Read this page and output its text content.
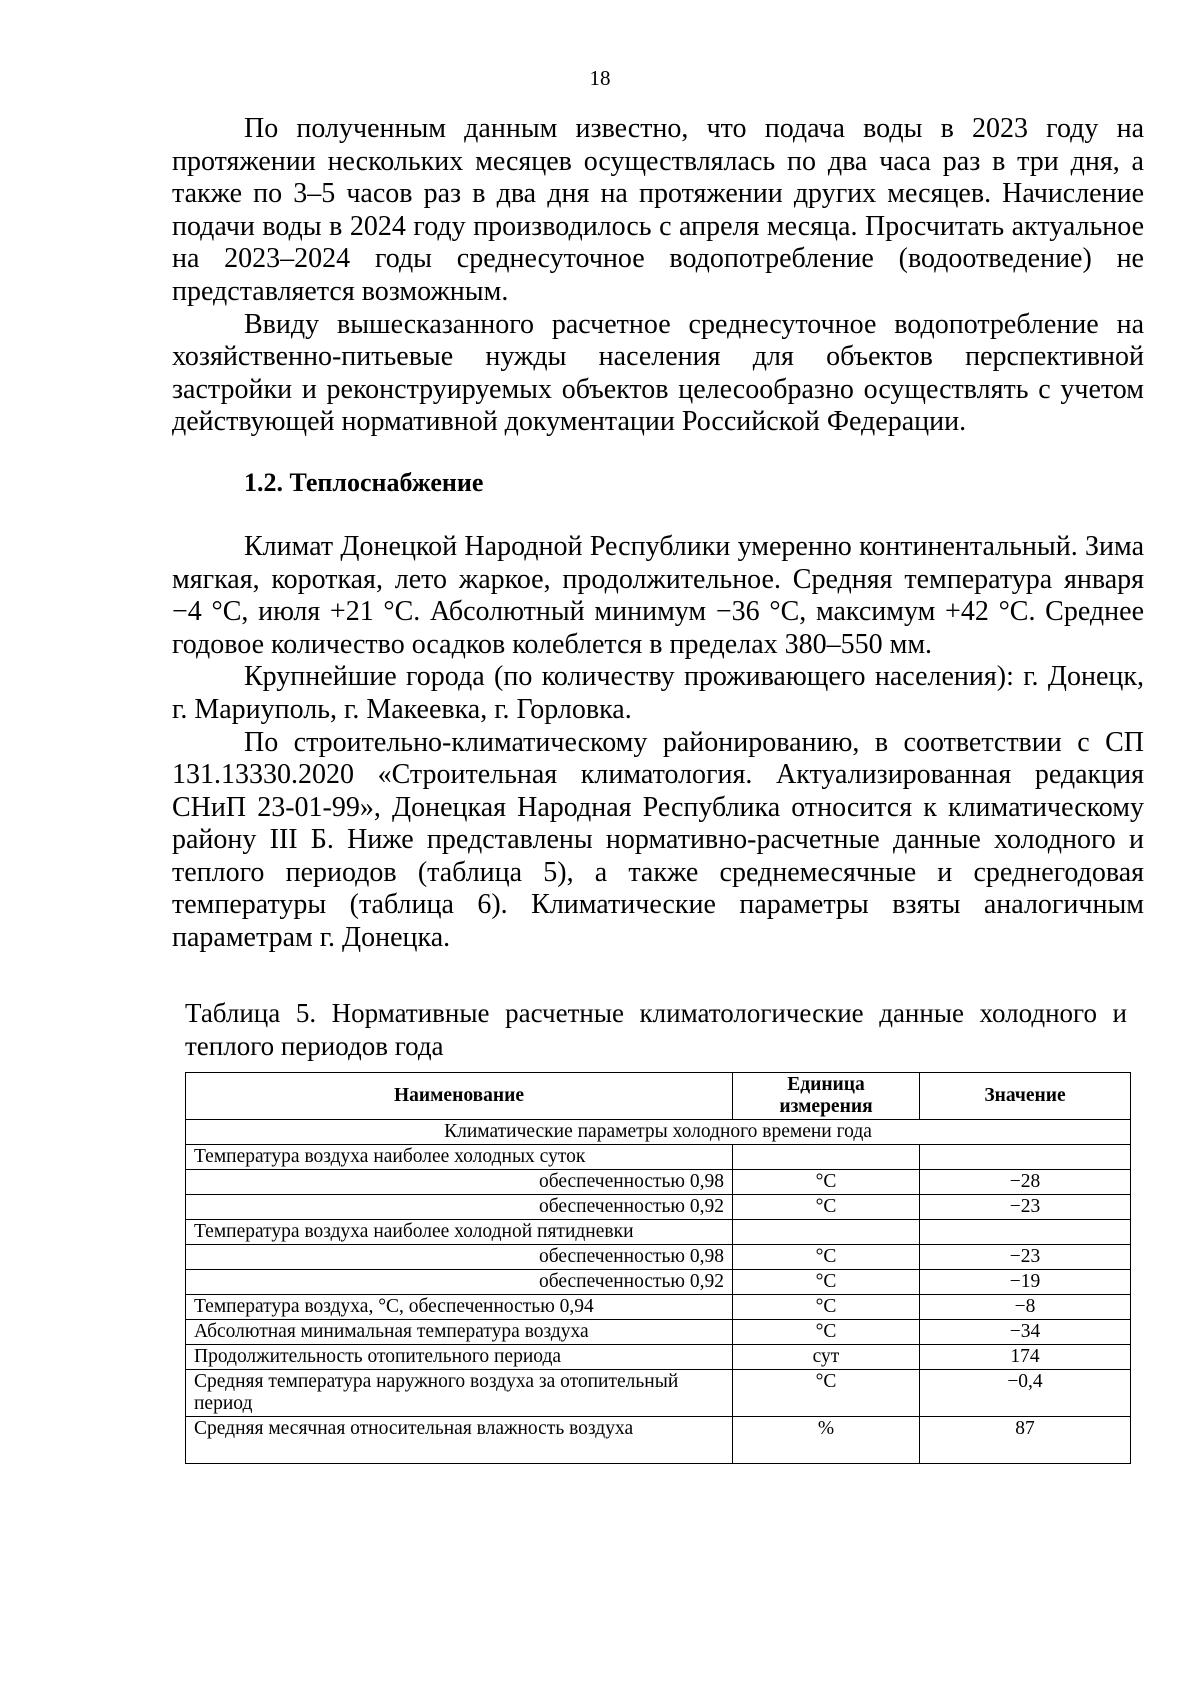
18

По полученным данным известно, что подача воды в 2023 году на протяжении нескольких месяцев осуществлялась по два часа раз в три дня, а также по 3–5 часов раз в два дня на протяжении других месяцев. Начисление подачи воды в 2024 году производилось с апреля месяца. Просчитать актуальное на 2023–2024 годы среднесуточное водопотребление (водоотведение) не представляется возможным.

Ввиду вышесказанного расчетное среднесуточное водопотребление на хозяйственно-питьевые нужды населения для объектов перспективной застройки и реконструируемых объектов целесообразно осуществлять с учетом действующей нормативной документации Российской Федерации.

1.2. Теплоснабжение

Климат Донецкой Народной Республики умеренно континентальный. Зима мягкая, короткая, лето жаркое, продолжительное. Средняя температура января −4 °С, июля +21 °С. Абсолютный минимум −36 °С, максимум +42 °С. Среднее годовое количество осадков колеблется в пределах 380–550 мм.

Крупнейшие города (по количеству проживающего населения): г. Донецк, г. Мариуполь, г. Макеевка, г. Горловка.

По строительно-климатическому районированию, в соответствии с СП 131.13330.2020 «Строительная климатология. Актуализированная редакция СНиП 23-01-99», Донецкая Народная Республика относится к климатическому району III Б. Ниже представлены нормативно-расчетные данные холодного и теплого периодов (таблица 5), а также среднемесячные и среднегодовая температуры (таблица 6). Климатические параметры взяты аналогичным параметрам г. Донецка.

Таблица 5. Нормативные расчетные климатологические данные холодного и теплого периодов года
Наименование	Единица измерения	Значение
Климатические параметры холодного времени года		
Температура воздуха наиболее холодных суток		
обеспеченностью 0,98	°С	−28
обеспеченностью 0,92	°С	−23
Температура воздуха наиболее холодной пятидневки		
обеспеченностью 0,98	°С	−23
обеспеченностью 0,92	°С	−19
Температура воздуха, °С, обеспеченностью 0,94	°С	−8
Абсолютная минимальная температура воздуха	°С	−34
Продолжительность отопительного периода	сут	174
Средняя температура наружного воздуха за отопительный период	°С	−0,4
Средняя месячная относительная влажность воздуха	%	87
